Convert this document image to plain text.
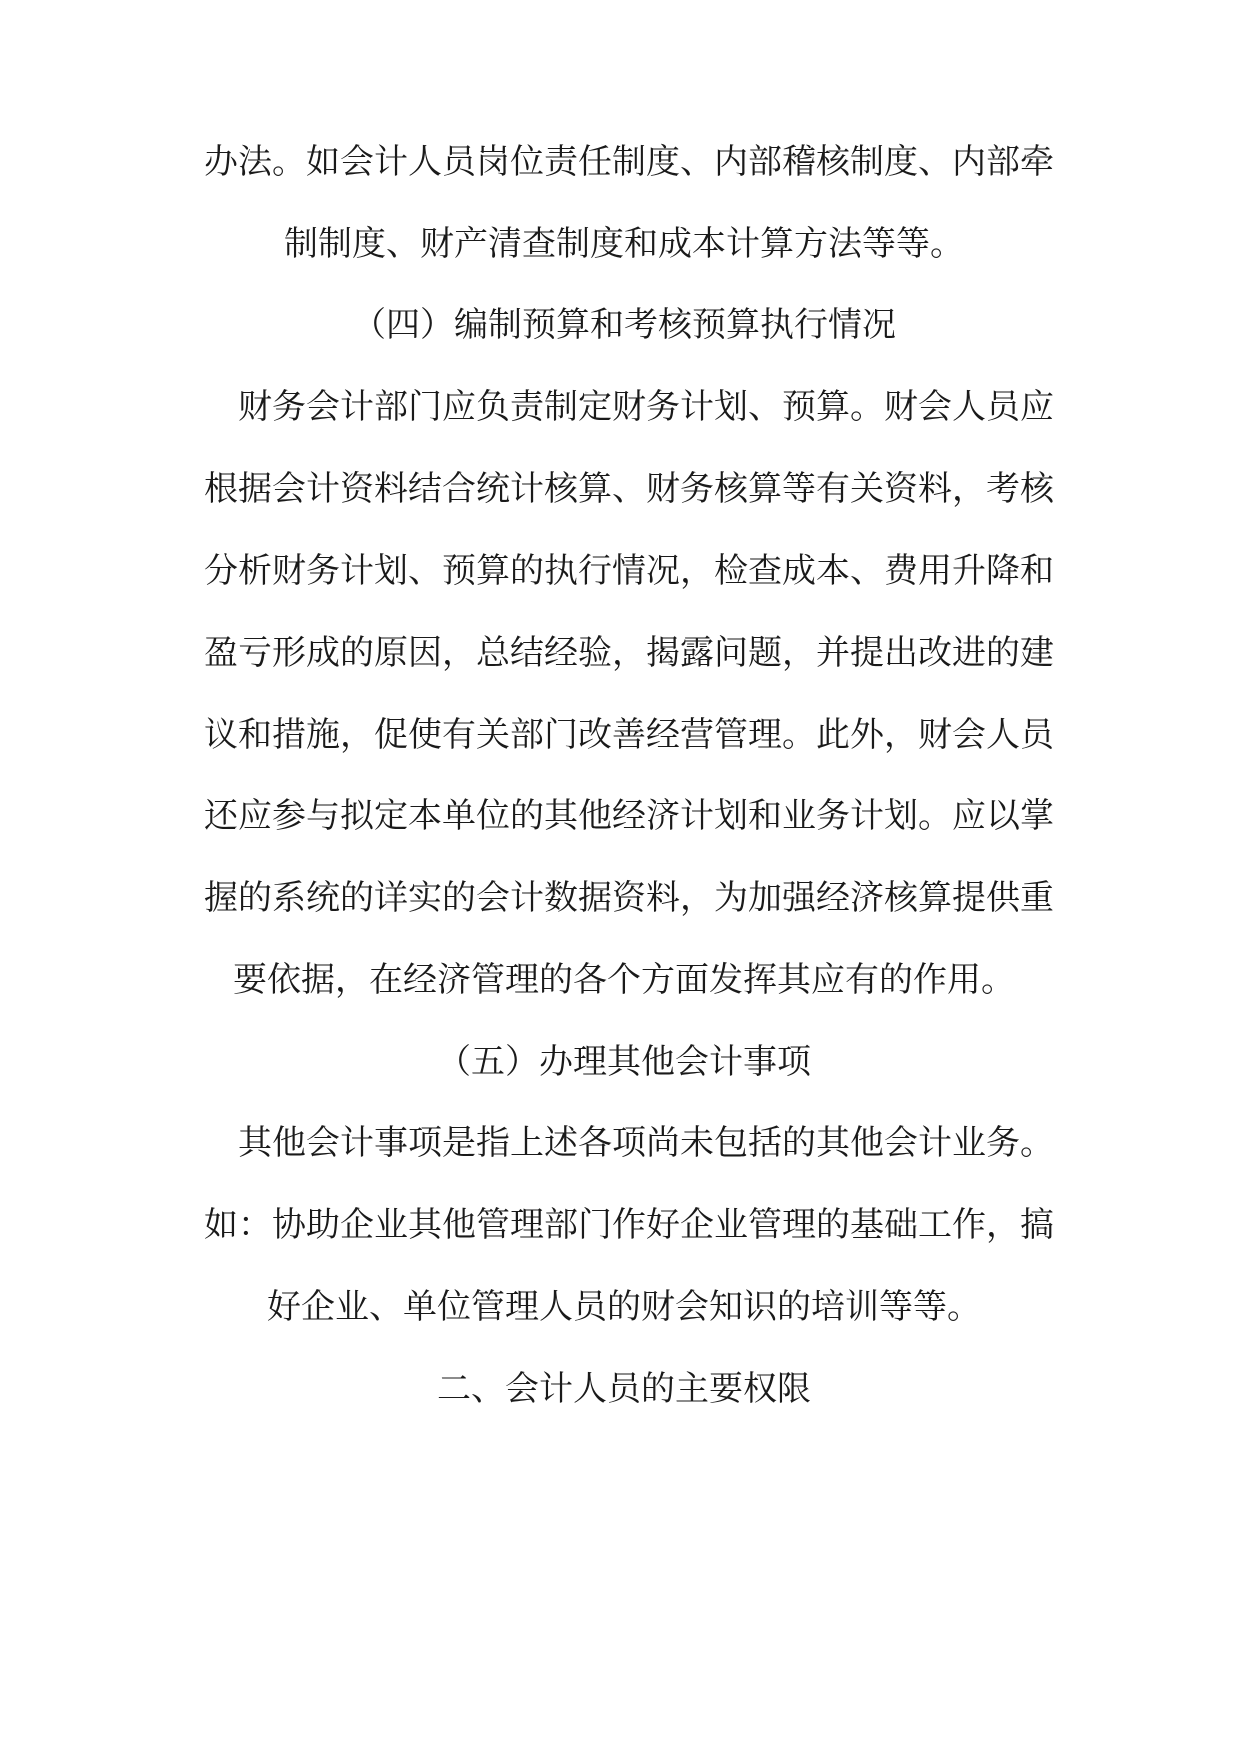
办法。如会计人员岗位责任制度、内部稽核制度、内部牵
制制度、财产清查制度和成本计算方法等等。
（四）编制预算和考核预算执行情况
财务会计部门应负责制定财务计划、预算。财会人员应
根据会计资料结合统计核算、财务核算等有关资料，考核
分析财务计划、预算的执行情况，检查成本、费用升降和
盈亏形成的原因，总结经验，揭露问题，并提出改进的建
议和措施，促使有关部门改善经营管理。此外，财会人员
还应参与拟定本单位的其他经济计划和业务计划。应以掌
握的系统的详实的会计数据资料，为加强经济核算提供重
要依据，在经济管理的各个方面发挥其应有的作用。
（五）办理其他会计事项
其他会计事项是指上述各项尚未包括的其他会计业务。
如：协助企业其他管理部门作好企业管理的基础工作，搞
好企业、单位管理人员的财会知识的培训等等。
二、会计人员的主要权限
